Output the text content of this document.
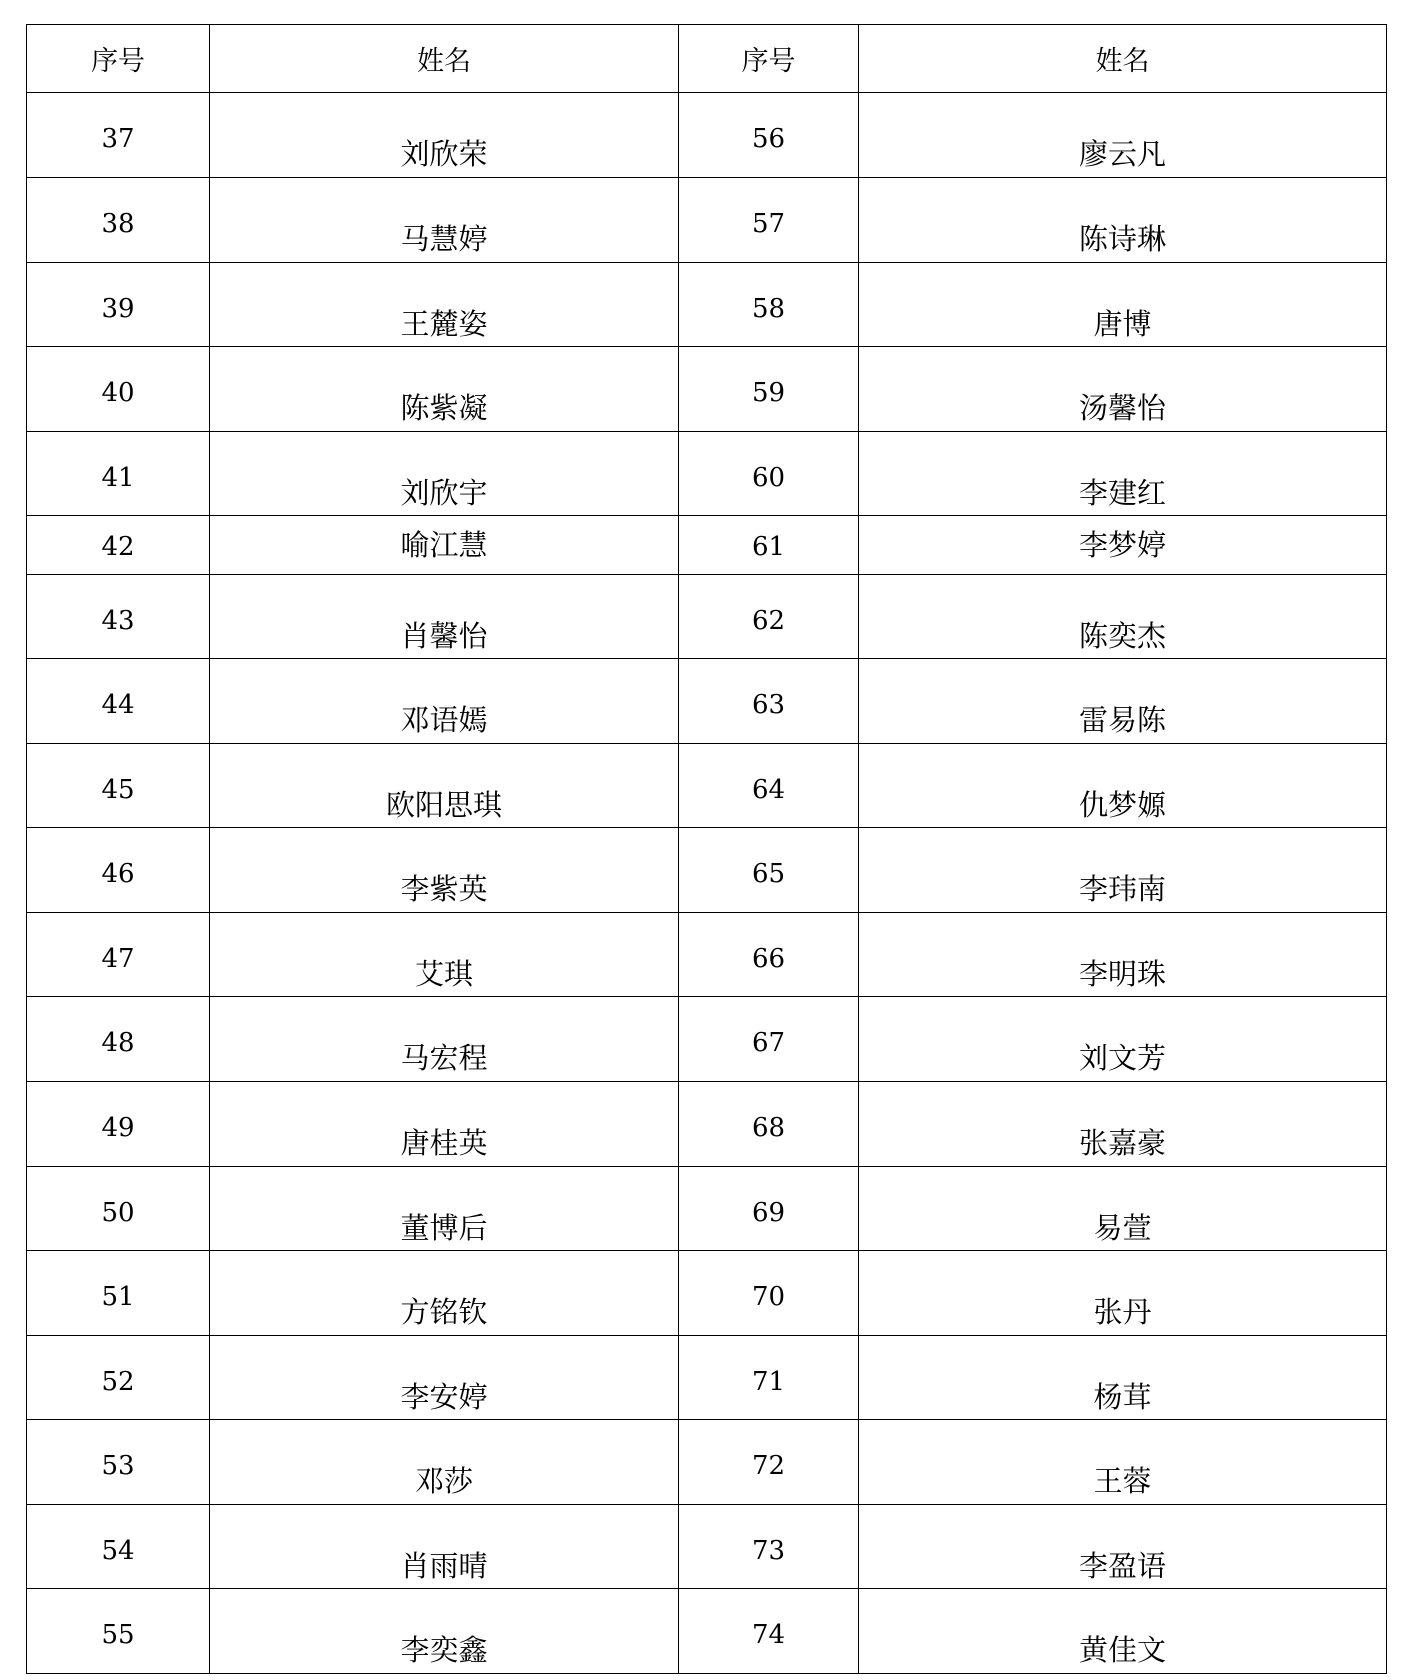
序号	姓名	序号	姓名

37	刘欣荣	56	廖云凡

38	马慧婷	57	陈诗琳

39	王麓姿	58	唐博

40	陈紫凝	59	汤馨怡

41	刘欣宇	60	李建红

42	喻江慧	61	李梦婷

43	肖馨怡	62	陈奕杰

44	邓语嫣	63	雷易陈

45	欧阳思琪	64	仇梦嫄

46	李紫英	65	李玮南

47	艾琪	66	李明珠

48	马宏程	67	刘文芳

49	唐桂英	68	张嘉豪

50	董博后	69	易萱

51	方铭钦	70	张丹

52	李安婷	71	杨茸

53	邓莎	72	王蓉

54	肖雨晴	73	李盈语

55	李奕鑫	74	黄佳文
